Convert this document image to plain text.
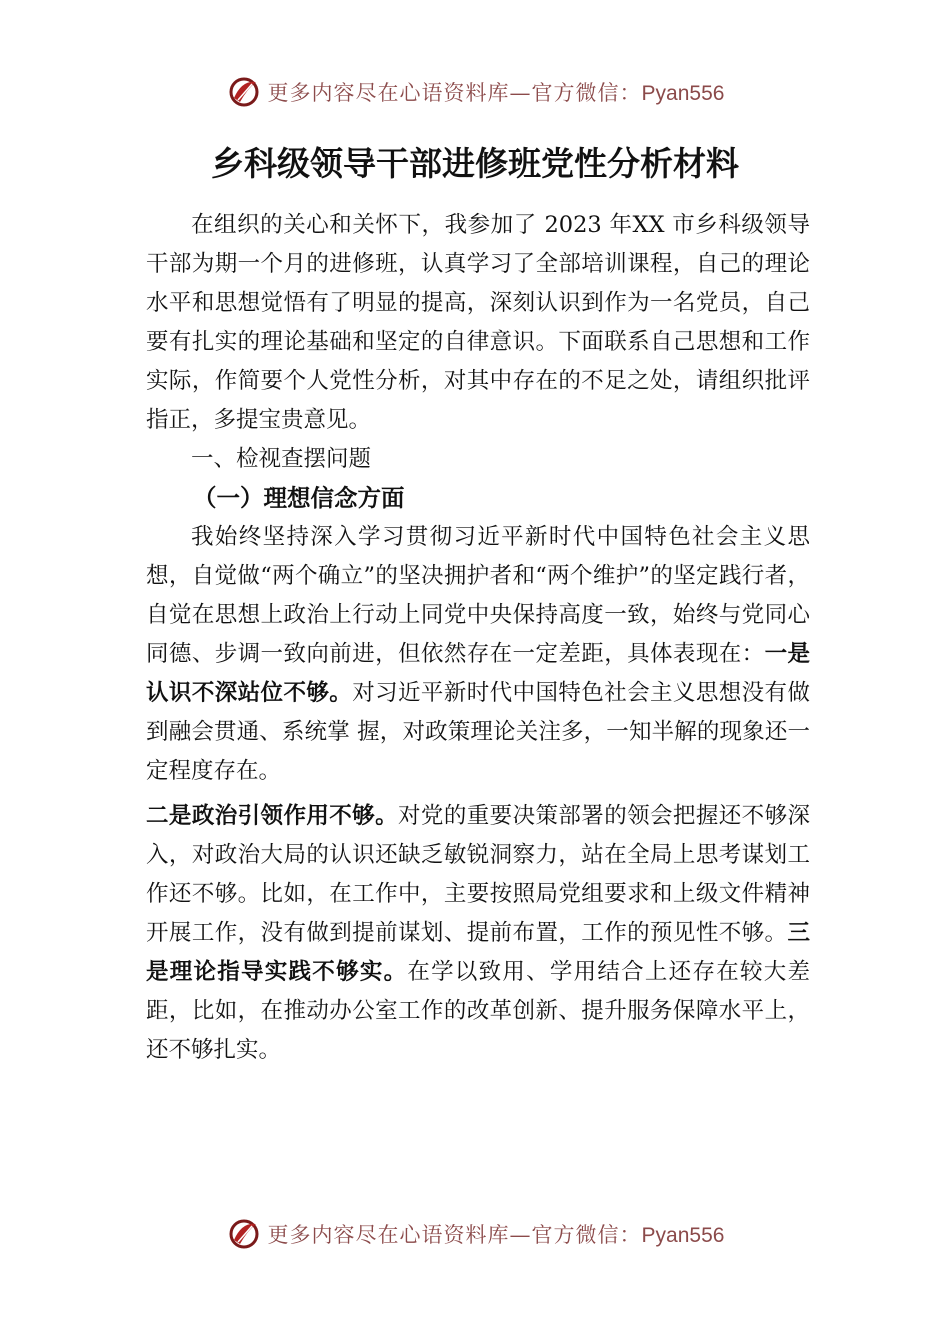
更多内容尽在心语资料库—官方微信：Pyan556
乡科级领导干部进修班党性分析材料

在组织的关心和关怀下，我参加了 2023 年XX 市乡科级领导干部为期一个月的进修班，认真学习了全部培训课程，自己的理论水平和思想觉悟有了明显的提高，深刻认识到作为一名党员，自己要有扎实的理论基础和坚定的自律意识。下面联系自己思想和工作实际，作简要个人党性分析，对其中存在的不足之处，请组织批评指正，多提宝贵意见。

一、检视查摆问题

（一）理想信念方面

我始终坚持深入学习贯彻习近平新时代中国特色社会主义思想，自觉做“两个确立”的坚决拥护者和“两个维护”的坚定践行者，自觉在思想上政治上行动上同党中央保持高度一致，始终与党同心同德、步调一致向前进，但依然存在一定差距，具体表现在：一是认识不深站位不够。对习近平新时代中国特色社会主义思想没有做到融会贯通、系统掌 握，对政策理论关注多，一知半解的现象还一定程度存在。

二是政治引领作用不够。对党的重要决策部署的领会把握还不够深入，对政治大局的认识还缺乏敏锐洞察力，站在全局上思考谋划工作还不够。比如，在工作中，主要按照局党组要求和上级文件精神开展工作，没有做到提前谋划、提前布置，工作的预见性不够。三是理论指导实践不够实。在学以致用、学用结合上还存在较大差距，比如，在推动办公室工作的改革创新、提升服务保障水平上，还不够扎实。

更多内容尽在心语资料库—官方微信：Pyan556
